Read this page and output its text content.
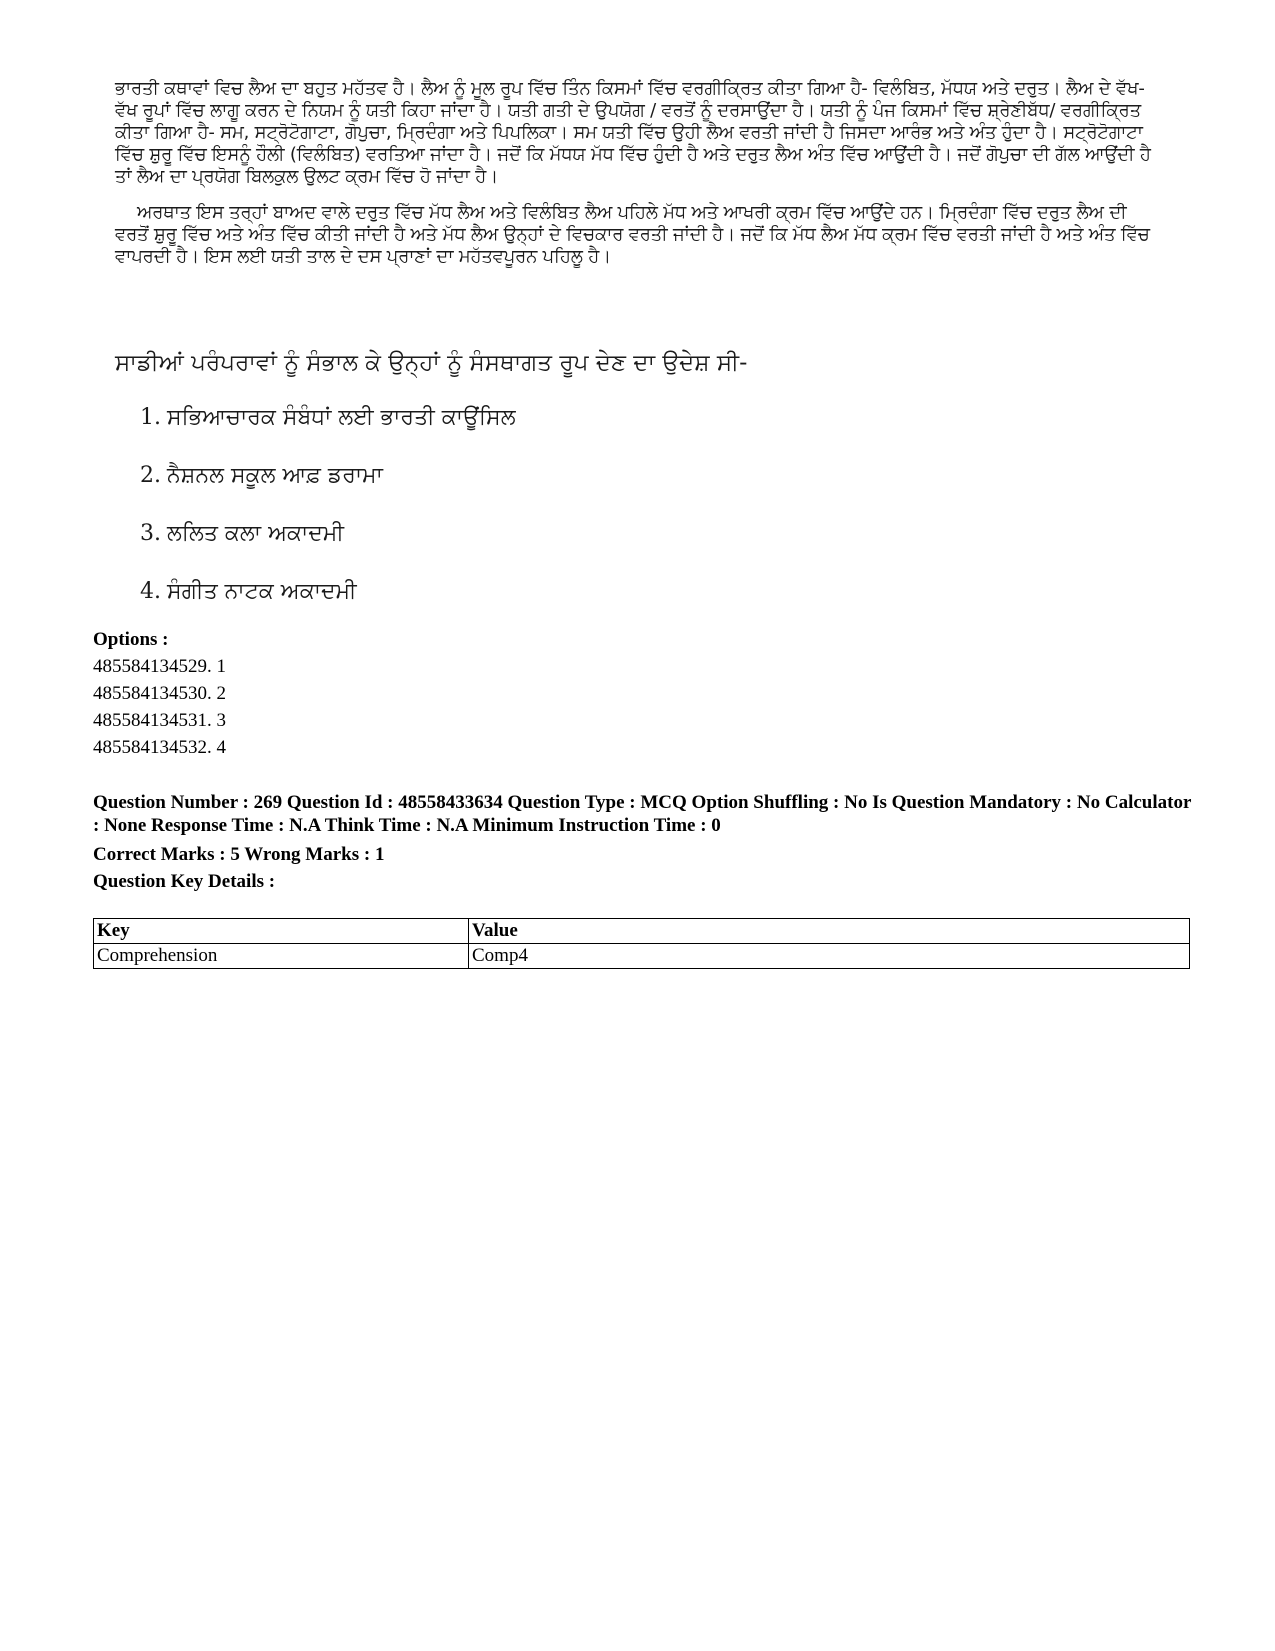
ਭਾਰਤੀ ਕਥਾਵਾਂ ਵਿਚ ਲੈਅ ਦਾ ਬਹੁਤ ਮਹੱਤਵ ਹੈ। ਲੈਅ ਨੂੰ ਮੂਲ ਰੂਪ ਵਿੱਚ ਤਿੰਨ ਕਿਸਮਾਂ ਵਿੱਚ ਵਰਗੀਕ੍ਰਿਤ ਕੀਤਾ ਗਿਆ ਹੈ- ਵਿਲੰਬਿਤ, ਮੱਧਯ ਅਤੇ ਦਰੁਤ। ਲੈਅ ਦੇ ਵੱਖ-ਵੱਖ ਰੂਪਾਂ ਵਿੱਚ ਲਾਗੂ ਕਰਨ ਦੇ ਨਿਯਮ ਨੂੰ ਯਤੀ ਕਿਹਾ ਜਾਂਦਾ ਹੈ। ਯਤੀ ਗਤੀ ਦੇ ਉਪਯੋਗ / ਵਰਤੋਂ ਨੂੰ ਦਰਸਾਉਂਦਾ ਹੈ। ਯਤੀ ਨੂੰ ਪੰਜ ਕਿਸਮਾਂ ਵਿੱਚ ਸ਼੍ਰੇਣੀਬੱਧ/ ਵਰਗੀਕ੍ਰਿਤ ਕੀਤਾ ਗਿਆ ਹੈ- ਸਮ, ਸਟ੍ਰੋਟੋਗਾਟਾ, ਗੋਪੁਚਾ, ਮ੍ਰਿਦੰਗਾ ਅਤੇ ਪਿਪਲਿਕਾ। ਸਮ ਯਤੀ ਵਿੱਚ ਉਹੀ ਲੈਅ ਵਰਤੀ ਜਾਂਦੀ ਹੈ ਜਿਸਦਾ ਆਰੰਭ ਅਤੇ ਅੰਤ ਹੁੰਦਾ ਹੈ। ਸਟ੍ਰੋਟੋਗਾਟਾ ਵਿੱਚ ਸ਼ੁਰੂ ਵਿੱਚ ਇਸਨੂੰ ਹੌਲੀ (ਵਿਲੰਬਿਤ) ਵਰਤਿਆ ਜਾਂਦਾ ਹੈ। ਜਦੋਂ ਕਿ ਮੱਧਯ ਮੱਧ ਵਿੱਚ ਹੁੰਦੀ ਹੈ ਅਤੇ ਦਰੁਤ ਲੈਅ ਅੰਤ ਵਿੱਚ ਆਉਂਦੀ ਹੈ। ਜਦੋਂ ਗੋਪੁਚਾ ਦੀ ਗੱਲ ਆਉਂਦੀ ਹੈ ਤਾਂ ਲੈਅ ਦਾ ਪ੍ਰਯੋਗ ਬਿਲਕੁਲ ਉਲਟ ਕ੍ਰਮ ਵਿੱਚ ਹੋ ਜਾਂਦਾ ਹੈ।

ਅਰਥਾਤ ਇਸ ਤਰ੍ਹਾਂ ਬਾਅਦ ਵਾਲੇ ਦਰੁਤ ਵਿੱਚ ਮੱਧ ਲੈਅ ਅਤੇ ਵਿਲੰਬਿਤ ਲੈਅ ਪਹਿਲੇ ਮੱਧ ਅਤੇ ਆਖਰੀ ਕ੍ਰਮ ਵਿੱਚ ਆਉਂਦੇ ਹਨ। ਮ੍ਰਿਦੰਗਾ ਵਿੱਚ ਦਰੁਤ ਲੈਅ ਦੀ ਵਰਤੋਂ ਸ਼ੁਰੂ ਵਿੱਚ ਅਤੇ ਅੰਤ ਵਿੱਚ ਕੀਤੀ ਜਾਂਦੀ ਹੈ ਅਤੇ ਮੱਧ ਲੈਅ ਉਨ੍ਹਾਂ ਦੇ ਵਿਚਕਾਰ ਵਰਤੀ ਜਾਂਦੀ ਹੈ। ਜਦੋਂ ਕਿ ਮੱਧ ਲੈਅ ਮੱਧ ਕ੍ਰਮ ਵਿੱਚ ਵਰਤੀ ਜਾਂਦੀ ਹੈ ਅਤੇ ਅੰਤ ਵਿੱਚ ਵਾਪਰਦੀ ਹੈ। ਇਸ ਲਈ ਯਤੀ ਤਾਲ ਦੇ ਦਸ ਪ੍ਰਾਣਾਂ ਦਾ ਮਹੱਤਵਪੂਰਨ ਪਹਿਲੂ ਹੈ।

ਸਾਡੀਆਂ ਪਰੰਪਰਾਵਾਂ ਨੂੰ ਸੰਭਾਲ ਕੇ ਉਨ੍ਹਾਂ ਨੂੰ ਸੰਸਥਾਗਤ ਰੂਪ ਦੇਣ ਦਾ ਉਦੇਸ਼ ਸੀ-
1. ਸਭਿਆਚਾਰਕ ਸੰਬੰਧਾਂ ਲਈ ਭਾਰਤੀ ਕਾਊਂਸਿਲ
2. ਨੈਸ਼ਨਲ ਸਕੂਲ ਆਫ਼ ਡਰਾਮਾ
3. ਲਲਿਤ ਕਲਾ ਅਕਾਦਮੀ
4. ਸੰਗੀਤ ਨਾਟਕ ਅਕਾਦਮੀ
Options :
485584134529. 1
485584134530. 2
485584134531. 3
485584134532. 4
Question Number : 269 Question Id : 48558433634 Question Type : MCQ Option Shuffling : No Is Question Mandatory : No Calculator : None Response Time : N.A Think Time : N.A Minimum Instruction Time : 0
Correct Marks : 5 Wrong Marks : 1
Question Key Details :
Key	Value
Comprehension	Comp4
